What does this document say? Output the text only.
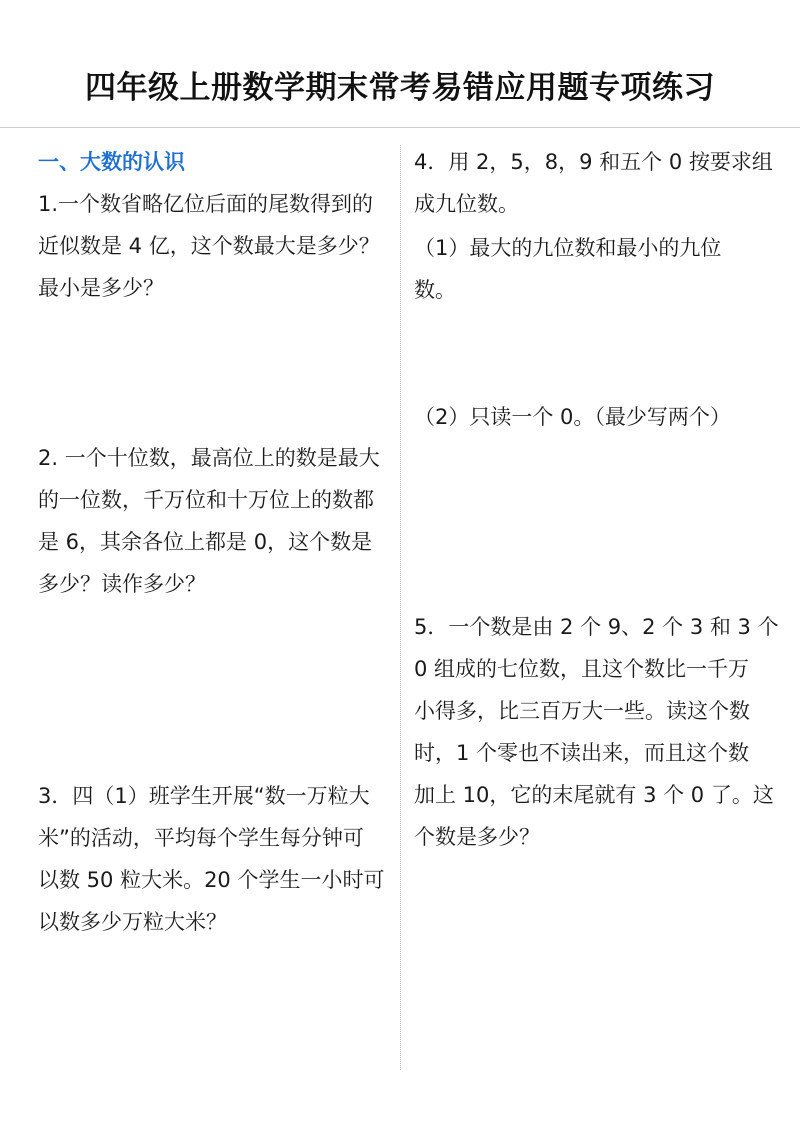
四年级上册数学期末常考易错应用题专项练习
一、大数的认识
1.一个数省略亿位后面的尾数得到的
近似数是 4 亿，这个数最大是多少？
最小是多少？
2. 一个十位数，最高位上的数是最大
的一位数，千万位和十万位上的数都
是 6，其余各位上都是 0，这个数是
多少？读作多少？
3．四（1）班学生开展“数一万粒大
米”的活动，平均每个学生每分钟可
以数 50 粒大米。20 个学生一小时可
以数多少万粒大米？
4．用 2，5，8，9 和五个 0 按要求组
成九位数。
（1）最大的九位数和最小的九位
数。
（2）只读一个 0。（最少写两个）
5．一个数是由 2 个 9、2 个 3 和 3 个
0 组成的七位数，且这个数比一千万
小得多，比三百万大一些。读这个数
时，1 个零也不读出来，而且这个数
加上 10，它的末尾就有 3 个 0 了。这
个数是多少？
